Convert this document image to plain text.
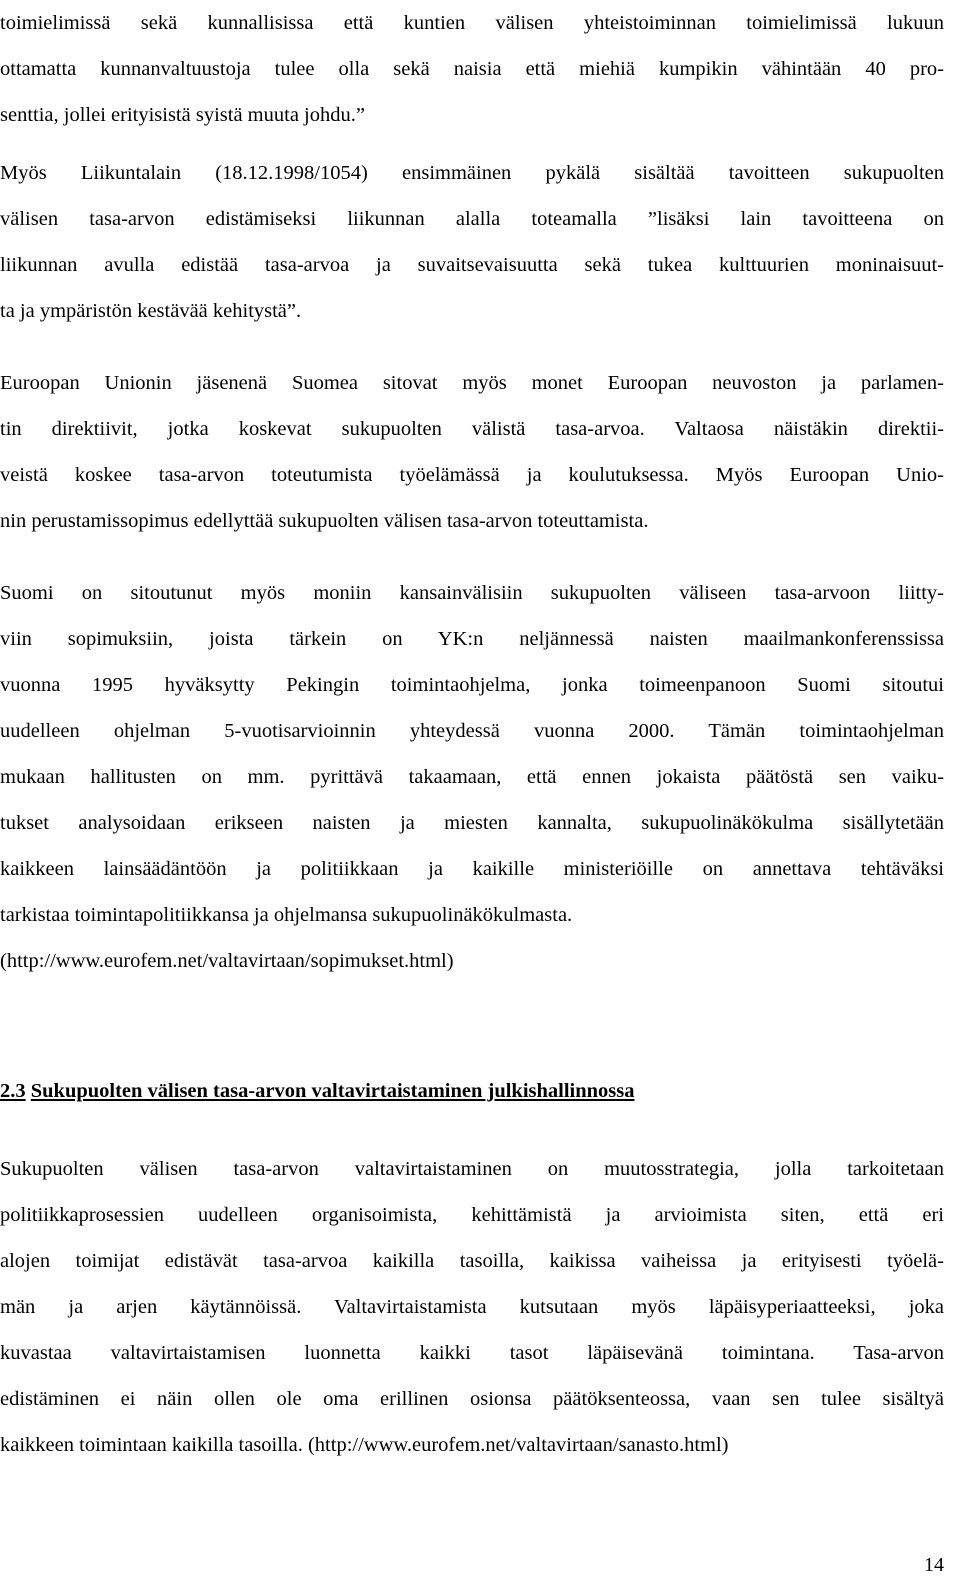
toimielimissä sekä kunnallisissa että kuntien välisen yhteistoiminnan toimielimissä lukuun
ottamatta kunnanvaltuustoja tulee olla sekä naisia että miehiä kumpikin vähintään 40 pro-
senttia, jollei erityisistä syistä muuta johdu.”
Myös Liikuntalain (18.12.1998/1054) ensimmäinen pykälä sisältää tavoitteen sukupuolten
välisen tasa-arvon edistämiseksi liikunnan alalla toteamalla ”lisäksi lain tavoitteena on
liikunnan avulla edistää tasa-arvoa ja suvaitsevaisuutta sekä tukea kulttuurien moninaisuut-
ta ja ympäristön kestävää kehitystä”.
Euroopan Unionin jäsenenä Suomea sitovat myös monet Euroopan neuvoston ja parlamen-
tin direktiivit, jotka koskevat sukupuolten välistä tasa-arvoa. Valtaosa näistäkin direktii-
veistä koskee tasa-arvon toteutumista työelämässä ja koulutuksessa. Myös Euroopan Unio-
nin perustamissopimus edellyttää sukupuolten välisen tasa-arvon toteuttamista.
Suomi on sitoutunut myös moniin kansainvälisiin sukupuolten väliseen tasa-arvoon liitty-
viin sopimuksiin, joista tärkein on YK:n neljännessä naisten maailmankonferenssissa
vuonna 1995 hyväksytty Pekingin toimintaohjelma, jonka toimeenpanoon Suomi sitoutui
uudelleen ohjelman 5-vuotisarvioinnin yhteydessä vuonna 2000. Tämän toimintaohjelman
mukaan hallitusten on mm. pyrittävä takaamaan, että ennen jokaista päätöstä sen vaiku-
tukset analysoidaan erikseen naisten ja miesten kannalta, sukupuolinäkökulma sisällytetään
kaikkeen lainsäädäntöön ja politiikkaan ja kaikille ministeriöille on annettava tehtäväksi
tarkistaa toimintapolitiikkansa ja ohjelmansa sukupuolinäkökulmasta.
(http://www.eurofem.net/valtavirtaan/sopimukset.html)
2.3 Sukupuolten välisen tasa-arvon valtavirtaistaminen julkishallinnossa
Sukupuolten välisen tasa-arvon valtavirtaistaminen on muutosstrategia, jolla tarkoitetaan
politiikkaprosessien uudelleen organisoimista, kehittämistä ja arvioimista siten, että eri
alojen toimijat edistävät tasa-arvoa kaikilla tasoilla, kaikissa vaiheissa ja erityisesti työelä-
män ja arjen käytännöissä. Valtavirtaistamista kutsutaan myös läpäisyperiaatteeksi, joka
kuvastaa valtavirtaistamisen luonnetta kaikki tasot läpäisevänä toimintana. Tasa-arvon
edistäminen ei näin ollen ole oma erillinen osionsa päätöksenteossa, vaan sen tulee sisältyä
kaikkeen toimintaan kaikilla tasoilla. (http://www.eurofem.net/valtavirtaan/sanasto.html)
14
